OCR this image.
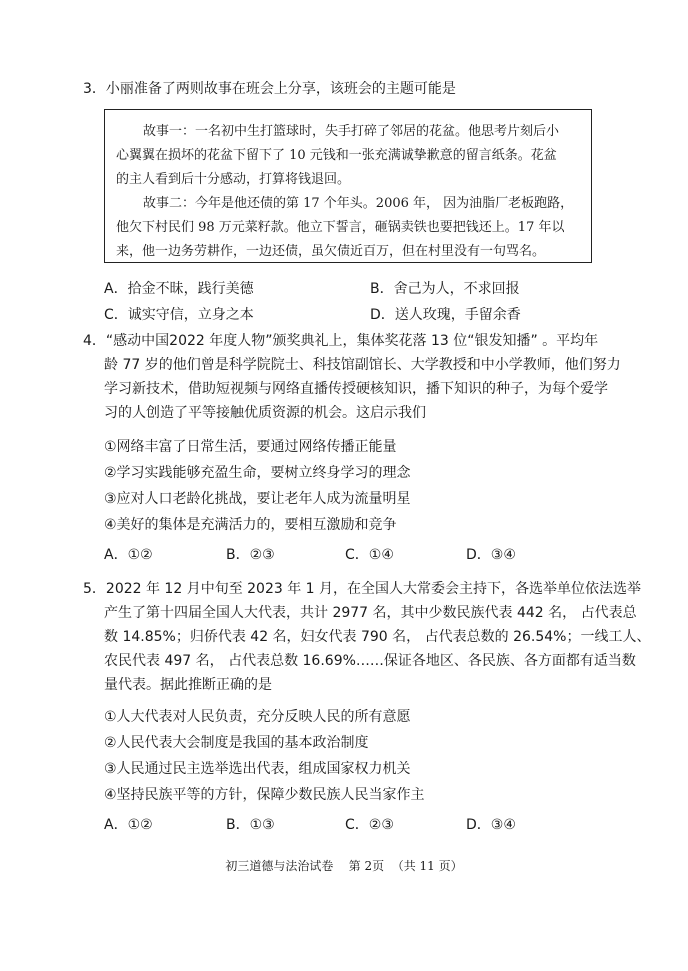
3．小丽准备了两则故事在班会上分享，该班会的主题可能是
故事一：一名初中生打篮球时，失手打碎了邻居的花盆。他思考片刻后小
心翼翼在损坏的花盆下留下了 10 元钱和一张充满诚挚歉意的留言纸条。花盆
的主人看到后十分感动，打算将钱退回。
故事二：今年是他还债的第 17 个年头。2006 年， 因为油脂厂老板跑路，
他欠下村民们 98 万元菜籽款。他立下誓言，砸锅卖铁也要把钱还上。17 年以
来，他一边务劳耕作，一边还债，虽欠债近百万，但在村里没有一句骂名。
A．拾金不昧，践行美德	B．舍己为人，不求回报
C．诚实守信，立身之本	D．送人玫瑰，手留余香
4．“感动中国2022 年度人物”颁奖典礼上，集体奖花落 13 位“银发知播” 。平均年
龄 77 岁的他们曾是科学院院士、科技馆副馆长、大学教授和中小学教师，他们努力
学习新技术，借助短视频与网络直播传授硬核知识，播下知识的种子，为每个爱学
习的人创造了平等接触优质资源的机会。这启示我们
①网络丰富了日常生活，要通过网络传播正能量
②学习实践能够充盈生命，要树立终身学习的理念
③应对人口老龄化挑战，要让老年人成为流量明星
④美好的集体是充满活力的，要相互激励和竞争
A．①②	B．②③	C．①④	D．③④
5．2022 年 12 月中旬至 2023 年 1 月，在全国人大常委会主持下，各选举单位依法选举
产生了第十四届全国人大代表，共计 2977 名，其中少数民族代表 442 名， 占代表总
数 14.85%；归侨代表 42 名，妇女代表 790 名， 占代表总数的 26.54%；一线工人、
农民代表 497 名， 占代表总数 16.69%……保证各地区、各民族、各方面都有适当数
量代表。据此推断正确的是
①人大代表对人民负责，充分反映人民的所有意愿
②人民代表大会制度是我国的基本政治制度
③人民通过民主选举选出代表，组成国家权力机关
④坚持民族平等的方针，保障少数民族人民当家作主
A．①②	B．①③	C．②③	D．③④
初三道德与法治试卷    第 2页  （共 11 页）
